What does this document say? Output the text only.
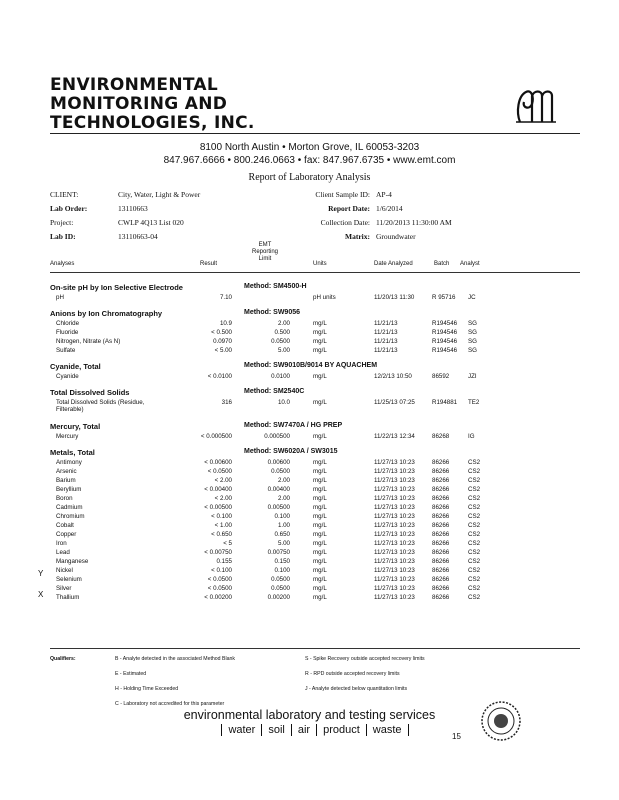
ENVIRONMENTAL
MONITORING AND
TECHNOLOGIES, INC.
8100 North Austin • Morton Grove, IL 60053-3203
847.967.6666 • 800.246.0663 • fax: 847.967.6735 • www.emt.com
Report of Laboratory Analysis
CLIENT:	City, Water, Light & Power
Lab Order:	13110663
Project:	CWLP 4Q13 List 020
Lab ID:	13110663-04
Client Sample ID: AP-4
Report Date: 1/6/2014
Collection Date: 11/20/2013 11:30:00 AM
Matrix: Groundwater
Analyses	Result
EMT
Reporting
Limit
Units	Date Analyzed	Batch Analyst
On-site pH by Ion Selective Electrode	Method: SM4500-H
pH	7.10	pH units	11/20/13 11:30	R 95716 JC
Anions by Ion Chromatography	Method: SW9056
Chloride	10.9	2.00	mg/L	11/21/13	R194546 SG
Fluoride	< 0.500	0.500	mg/L	11/21/13	R194546 SG
Nitrogen, Nitrate (As N)	0.0970	0.0500	mg/L	11/21/13	R194546 SG
Sulfate	< 5.00	5.00	mg/L	11/21/13	R194546 SG
Cyanide, Total	Method: SW9010B/9014 BY AQUACHEM
Cyanide	< 0.0100	0.0100	mg/L	12/2/13 10:50	86592	JZI
Total Dissolved Solids	Method: SM2540C
Total Dissolved Solids (Residue, Filterable)
316	10.0	mg/L	11/25/13 07:25	R194881 TE2
Mercury, Total	Method: SW7470A / HG PREP
Mercury	< 0.000500	0.000500	mg/L	11/22/13 12:34	86268	IG
Metals, Total	Method: SW6020A / SW3015
Antimony	< 0.00600	0.00600	mg/L	11/27/13 10:23	86266	CS2
Arsenic	< 0.0500	0.0500	mg/L	11/27/13 10:23	86266	CS2
Barium	< 2.00	2.00	mg/L	11/27/13 10:23	86266	CS2
Beryllium	< 0.00400	0.00400	mg/L	11/27/13 10:23	86266	CS2
Boron	< 2.00	2.00	mg/L	11/27/13 10:23	86266	CS2
Cadmium	< 0.00500	0.00500	mg/L	11/27/13 10:23	86266	CS2
Chromium	< 0.100	0.100	mg/L	11/27/13 10:23	86266	CS2
Cobalt	< 1.00	1.00	mg/L	11/27/13 10:23	86266	CS2
Copper	< 0.650	0.650	mg/L	11/27/13 10:23	86266	CS2
Iron	< 5	5.00	mg/L	11/27/13 10:23	86266	CS2
Lead	< 0.00750	0.00750	mg/L	11/27/13 10:23	86266	CS2
Manganese	0.155	0.150	mg/L	11/27/13 10:23	86266	CS2
Nickel	< 0.100	0.100	mg/L	11/27/13 10:23	86266	CS2
Selenium	< 0.0500	0.0500	mg/L	11/27/13 10:23	86266	CS2
Silver	< 0.0500	0.0500	mg/L	11/27/13 10:23	86266	CS2
Thallium	< 0.00200	0.00200	mg/L	11/27/13 10:23	86266	CS2
Y
X
Qualifiers:	B - Analyte detected in the associated Method Blank
E - Estimated
H - Holding Time Exceeded
C - Laboratory not accredited for this parameter
S - Spike Recovery outside accepted recovery limits
R - RPD outside accepted recovery limits
J - Analyte detected below quantitation limits
environmental laboratory and testing services
water soil air product waste
15
